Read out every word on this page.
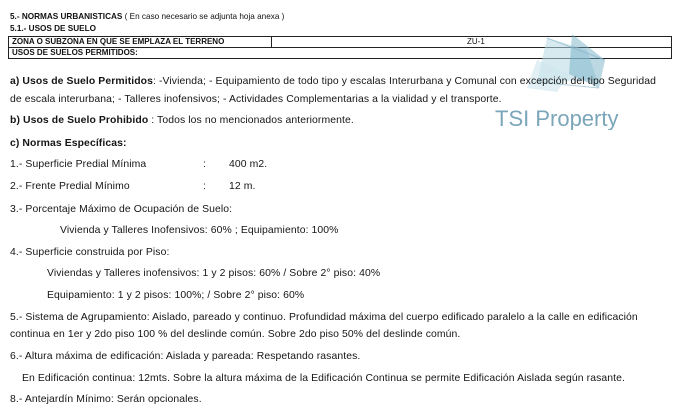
5.- NORMAS URBANISTICAS ( En caso necesario se adjunta hoja anexa )
5.1.- USOS DE SUELO
ZONA O SUBZONA EN QUE SE EMPLAZA EL TERRENO	ZU-1
USOS DE SUELOS PERMITIDOS:
TSI Property
a) Usos de Suelo Permitidos: -Vivienda; - Equipamiento de todo tipo y escalas Interurbana y Comunal con excepción del tipo Seguridad
de escala interurbana; - Talleres inofensivos; - Actividades Complementarias a la vialidad y el transporte.
b) Usos de Suelo Prohibido : Todos los no mencionados anteriormente.
c) Normas Específicas:
1.- Superficie Predial Mínima	: 400 m2.
2.- Frente Predial Mínimo	: 12 m.
3.- Porcentaje Máximo de Ocupación de Suelo:
Vivienda y Talleres Inofensivos: 60% ; Equipamiento: 100%
4.- Superficie construida por Piso:
Viviendas y Talleres inofensivos: 1 y 2 pisos: 60% / Sobre 2° piso: 40%
Equipamiento: 1 y 2 pisos: 100%; / Sobre 2° piso: 60%
5.- Sistema de Agrupamiento: Aislado, pareado y continuo. Profundidad máxima del cuerpo edificado paralelo a la calle en edificación
continua en 1er y 2do piso 100 % del deslinde común. Sobre 2do piso 50% del deslinde común.
6.- Altura máxima de edificación: Aislada y pareada: Respetando rasantes.
En Edificación continua: 12mts. Sobre la altura máxima de la Edificación Continua se permite Edificación Aislada según rasante.
8.- Antejardín Mínimo: Serán opcionales.
